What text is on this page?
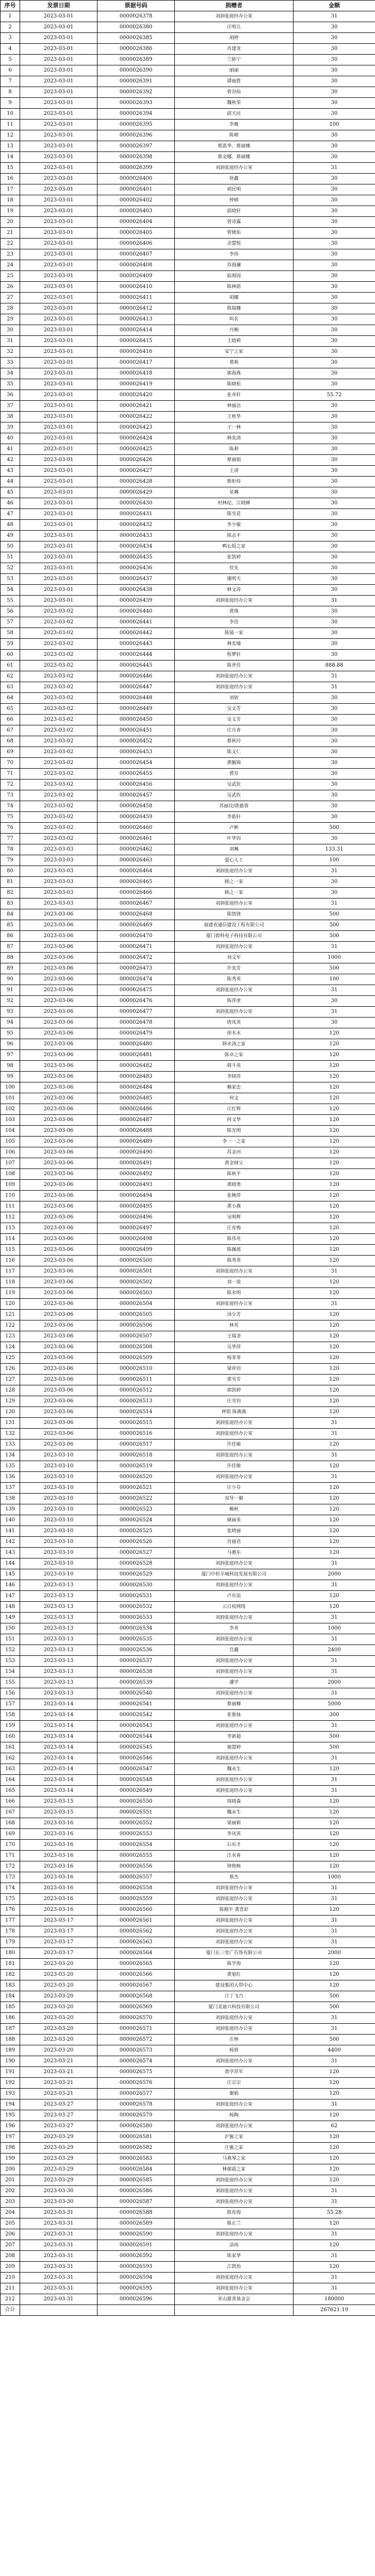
序号	发票日期	票据号码	捐赠者	金额
1	2023-03-01	0000026378	刘润张庭经办公室	31
2	2023-03-01	0000026380	庄明儿	30
3	2023-03-01	0000026385	胡婷	30
4	2023-03-01	0000026386	肖建龙	30
5	2023-03-01	0000026389	兰娇宁	30
6	2023-03-01	0000026390	丽丽	30
7	2023-03-01	0000026391	谭丽胜	30
8	2023-03-01	0000026392	曾谷仙	30
9	2023-03-01	0000026393	魏秋荣	30
10	2023-03-01	0000026394	邱天民	30
11	2023-03-01	0000026395	李薇	100
12	2023-03-01	0000026396	陈晴	30
13	2023-03-01	0000026397	蔡蓝华、蔡丽娜	30
14	2023-03-01	0000026398	蔡金娜、蔡丽娜	30
15	2023-03-01	0000026399	刘润张庭经办公室	31
16	2023-03-01	0000026400	徐鑫	30
17	2023-03-01	0000026401	胡民明	30
18	2023-03-01	0000026402	钟晴	30
19	2023-03-01	0000026403	邱晓轩	30
20	2023-03-01	0000026404	曾诗露	30
21	2023-03-01	0000026405	曾琥佑	30
22	2023-03-01	0000026406	余慧悦	30
23	2023-03-01	0000026407	李炜	30
24	2023-03-01	0000026408	苏海澜	30
25	2023-03-01	0000026409	陆海园	30
26	2023-03-01	0000026410	陈林铭	30
27	2023-03-01	0000026411	胡娜	30
28	2023-03-01	0000026412	陈瑞娜	30
29	2023-03-01	0000026413	叫名	30
30	2023-03-01	0000026414	丹婉	30
31	2023-03-01	0000026415	王晓莉	30
32	2023-03-01	0000026416	安宁之家	30
33	2023-03-01	0000026417	黄莉	30
34	2023-03-01	0000026418	郭海燕	30
35	2023-03-01	0000026419	陈晓松	30
36	2023-03-01	0000026420	张舟轩	55.72
37	2023-03-01	0000026421	林丽洁	30
38	2023-03-01	0000026422	王秋华	30
39	2023-03-01	0000026423	王一林	30
40	2023-03-01	0000026424	林奕清	30
41	2023-03-01	0000026425	陈莉	30
42	2023-03-01	0000026426	蔡丽娟	30
43	2023-03-01	0000026427	王清	30
44	2023-03-01	0000026428	蔡炬炜	30
45	2023-03-01	0000026429	星琳	30
46	2023-03-01	0000026430	村林纪、江晓婵	30
47	2023-03-01	0000026431	陈雪花	30
48	2023-03-01	0000026432	李少敏	30
49	2023-03-01	0000026433	陈志平	30
50	2023-03-01	0000026434	鸭长坂之家	30
51	2023-03-01	0000026435	张凯婷	30
52	2023-03-01	0000026436	佳先	30
53	2023-03-01	0000026437	谢明天	30
54	2023-03-01	0000026438	林文涛	30
55	2023-03-01	0000026439	刘润张庭经办公室	31
56	2023-03-02	0000026440	黄珠	30
57	2023-03-02	0000026441	李浩	30
58	2023-03-02	0000026442	陈镜一家	30
59	2023-03-02	0000026443	林奕瑜	30
60	2023-03-02	0000026444	程梦轩	30
61	2023-03-02	0000026445	陈世佳	888.88
62	2023-03-02	0000026446	刘润张庭经办公室	31
63	2023-03-02	0000026447	刘润张庭经办公室	31
64	2023-03-02	0000026448	刘依	30
65	2023-03-02	0000026449	吴文芳	30
66	2023-03-02	0000026450	吴文芳	30
67	2023-03-02	0000026451	庄月青	30
68	2023-03-02	0000026452	蔡秋玲	30
69	2023-03-02	0000026453	陈义仁	30
70	2023-03-02	0000026454	黄毓锦	30
71	2023-03-02	0000026455	黄芬	30
72	2023-03-02	0000026456	吴武钦	30
73	2023-03-02	0000026457	吴武钦	30
74	2023-03-02	0000026458	苏丽玟/唐慈蓉	30
75	2023-03-02	0000026459	李新轩	30
76	2023-03-02	0000026460	卢彬	500
77	2023-03-02	0000026461	叶华钧	30
78	2023-03-03	0000026462	刘琳	133.31
79	2023-03-03	0000026463	爱心人士	100
80	2023-03-03	0000026464	刘润张庭经办公室	31
81	2023-03-03	0000026465	顾之一家	30
82	2023-03-03	0000026466	顾之一家	30
83	2023-03-03	0000026467	刘润张庭经办公室	31
84	2023-03-06	0000026468	陈凯锋	500
85	2023-03-06	0000026469	福建省通信建设工程有限公司	500
86	2023-03-06	0000026470	厦门碧科电子科技有限公司	500
87	2023-03-06	0000026471	刘润张庭经办公室	31
88	2023-03-06	0000026472	刘文军	1000
89	2023-03-06	0000026473	许奕芳	500
90	2023-03-06	0000026474	陈秀英	100
91	2023-03-06	0000026475	刘润张庭经办公室	31
92	2023-03-06	0000026476	陈萍虎	30
93	2023-03-06	0000026477	刘润张庭经办公室	31
94	2023-03-06	0000026478	唐凤英	30
95	2023-03-06	0000026479	徐木水	120
96	2023-03-06	0000026480	韩水清之家	120
97	2023-03-06	0000026481	陈卓之家	120
98	2023-03-06	0000026482	韩斗英	120
99	2023-03-06	0000026483	李晓萍	120
100	2023-03-06	0000026484	赖家忠	120
101	2023-03-06	0000026485	何文	120
102	2023-03-06	0000026486	庄红辉	120
103	2023-03-06	0000026487	何文华	120
104	2023-03-06	0000026488	陈光明	120
105	2023-03-06	0000026489	李一一之家	120
106	2023-03-06	0000026490	苏金河	120
107	2023-03-06	0000026491	黄金财父	120
108	2023-03-06	0000026492	陈秋平	120
109	2023-03-06	0000026493	黄晓勇	120
110	2023-03-06	0000026494	张婉萍	120
111	2023-03-06	0000026495	黄小燕	120
112	2023-03-06	0000026496	吴明辉	120
113	2023-03-06	0000026497	庄育梅	120
114	2023-03-06	0000026498	陈伟亮	120
115	2023-03-06	0000026499	陈佩瑶	120
116	2023-03-06	0000026500	陈秀英	120
117	2023-03-06	0000026501	刘润张庭经办公室	31
118	2023-03-06	0000026502	刘一波	120
119	2023-03-06	0000026503	陈水明	120
120	2023-03-06	0000026504	刘润张庭经办公室	31
121	2023-03-06	0000026505	汤少芳	120
122	2023-03-06	0000026506	林英	120
123	2023-03-06	0000026507	王瑞尧	120
124	2023-03-06	0000026508	吴华萍	120
125	2023-03-06	0000026509	杨菲菲	120
126	2023-03-06	0000026510	梁祥钧	120
127	2023-03-06	0000026511	黄雪芳	120
128	2023-03-06	0000026512	郭凯婷	120
129	2023-03-06	0000026513	庄雪钧	120
130	2023-03-06	0000026514	钟铭 陈燕燕	120
131	2023-03-06	0000026515	刘润张庭经办公室	31
132	2023-03-06	0000026516	刘润张庭经办公室	31
133	2023-03-06	0000026517	许佳敏	120
134	2023-03-10	0000026518	刘润张庭经办公室	31
135	2023-03-10	0000026519	许佳敏	120
136	2023-03-10	0000026520	刘润张庭经办公室	31
137	2023-03-10	0000026521	庄少芬	120
138	2023-03-10	0000026522	双导一聚	120
139	2023-03-10	0000026523	赖秋	120
140	2023-03-10	0000026524	颜丽英	120
141	2023-03-10	0000026525	张晓丽	120
142	2023-03-10	0000026526	肖丽君	120
143	2023-03-10	0000026527	马惠东	120
144	2023-03-10	0000026528	刘润张庭经办公室	31
145	2023-03-10	0000026529	厦门中恒羊城科技发展有限公司	2000
146	2023-03-13	0000026530	刘润张庭经办公室	31
147	2023-03-13	0000026531	卢有谊	120
148	2023-03-13	0000026532	云日枝网络	120
149	2023-03-13	0000026533	刘润张庭经办公室	31
150	2023-03-13	0000026534	李青	1000
151	2023-03-13	0000026535	刘润张庭经办公室	31
152	2023-03-13	0000026536	官鑫	2400
153	2023-03-13	0000026537	刘润张庭经办公室	31
154	2023-03-13	0000026538	刘润张庭经办公室	31
155	2023-03-13	0000026539	潘学	2000
156	2023-03-13	0000026540	刘润张庭经办公室	31
157	2023-03-14	0000026541	蔡丽卿	5000
158	2023-03-14	0000026542	张鲁妹	300
159	2023-03-14	0000026543	刘润张庭经办公室	31
160	2023-03-14	0000026544	李新超	500
161	2023-03-14	0000026545	施慧婷	500
162	2023-03-14	0000026546	刘润张庭经办公室	31
163	2023-03-14	0000026547	魏永生	120
164	2023-03-14	0000026548	刘润张庭经办公室	31
165	2023-03-14	0000026549	刘润张庭经办公室	31
166	2023-03-15	0000026550	周晓森	120
167	2023-03-15	0000026551	魏永生	120
168	2023-03-16	0000026552	梁丽莉	120
169	2023-03-16	0000026553	李凤英	120
170	2023-03-16	0000026554	石有才	120
171	2023-03-16	0000026555	汪水喜	120
172	2023-03-16	0000026556	钟艳映	120
173	2023-03-16	0000026557	蔡杰	1000
174	2023-03-16	0000026558	刘润张庭经办公室	31
175	2023-03-16	0000026559	刘润张庭经办公室	31
176	2023-03-16	0000026560	陈刚平 黄晋彩	120
177	2023-03-17	0000026561	刘润张庭经办公室	31
178	2023-03-17	0000026562	刘润张庭经办公室	31
179	2023-03-17	0000026563	刘润张庭经办公室	31
180	2023-03-17	0000026564	厦门长三堂广告饰有限公司	2000
181	2023-03-20	0000026565	陈学海	120
182	2023-03-20	0000026566	黄旭红	120
183	2023-03-20	0000026567	建设集团人带中心	120
184	2023-03-20	0000026568	江丁飞乃	500
185	2023-03-20	0000026569	厦门美迪兴科技有限公司	500
186	2023-03-20	0000026570	刘润张庭经办公室	31
187	2023-03-20	0000026571	刘润张庭经办公室	31
188	2023-03-20	0000026572	庄林	500
189	2023-03-20	0000026573	杨蓉	4400
190	2023-03-21	0000026574	刘润张庭经办公室	31
191	2023-03-21	0000026575	黄学萍军	120
192	2023-03-21	0000026576	庄宗宗	120
193	2023-03-21	0000026577	谢娟	120
194	2023-03-27	0000026578	刘润张庭经办公室	31
195	2023-03-27	0000026579	杨陶	120
196	2023-03-27	0000026580	刘润张庭经办公室	62
197	2023-03-29	0000026581	沪蜜之家	120
198	2023-03-29	0000026582	庄蜜之家	120
199	2023-03-29	0000026583	马燕琴之家	120
200	2023-03-29	0000026584	林郁霞之家	120
201	2023-03-29	0000026585	刘润张庭经办公室	120
202	2023-03-30	0000026586	刘润张庭经办公室	31
203	2023-03-30	0000026587	刘润张庭经办公室	31
204	2023-03-31	0000026588	陈育海	55.28
205	2023-03-31	0000026589	陈正兰	120
206	2023-03-31	0000026590	刘润张庭经办公室	31
207	2023-03-31	0000026591	涂雨	120
208	2023-03-31	0000026592	陈家华	31
209	2023-03-31	0000026593	江凯怡	120
210	2023-03-31	0000026594	刘润张庭经办公室	31
211	2023-03-31	0000026595	刘润张庭经办公室	31
212	2023-03-31	0000026596	青山慈善基金会	180000
合计				267621.19
